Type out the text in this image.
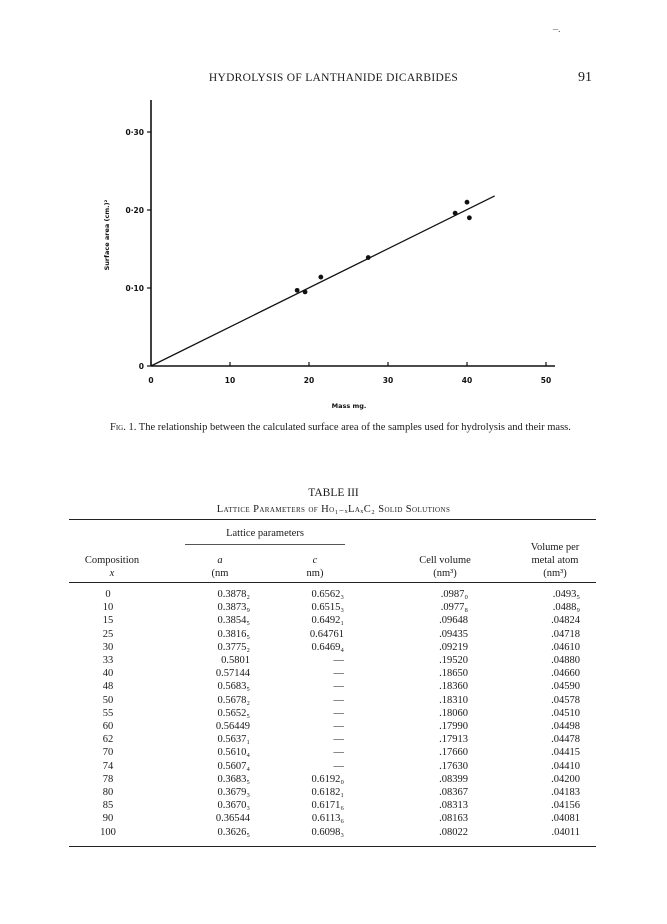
–.
HYDROLYSIS OF LANTHANIDE DICARBIDES	91
0	10	20	30	40	50
0
0·10
0·20
0·30
Mass mg.
Surface area (cm.)²
Fig. 1. The relationship between the calculated surface area of the samples used for hydrolysis and their mass.
TABLE III
Lattice Parameters of Ho₁₋ₓLaₓC₂ Solid Solutions
Lattice parameters
Composition
x
a
(nm
c
nm)
Cell volume
(nm³)
Volume per
metal atom
(nm³)
0	0.3878₂	0.6562₃	.0987₀	.0493₅
10	0.3873₉	0.6515₃	.0977₈	.0488₉
15	0.3854₅	0.6492₁	.09648	.04824
25	0.3816₅	0.64761	.09435	.04718
30	0.3775₂	0.6469₄	.09219	.04610
33	0.5801	—	.19520	.04880
40	0.57144	—	.18650	.04660
48	0.5683₅	—	.18360	.04590
50	0.5678₂	—	.18310	.04578
55	0.5652₅	—	.18060	.04510
60	0.56449	—	.17990	.04498
62	0.5637₁	—	.17913	.04478
70	0.5610₄	—	.17660	.04415
74	0.5607₄	—	.17630	.04410
78	0.3683₅	0.6192₀	.08399	.04200
80	0.3679₃	0.6182₁	.08367	.04183
85	0.3670₃	0.6171₆	.08313	.04156
90	0.36544	0.6113₆	.08163	.04081
100	0.3626₅	0.6098₃	.08022	.04011
